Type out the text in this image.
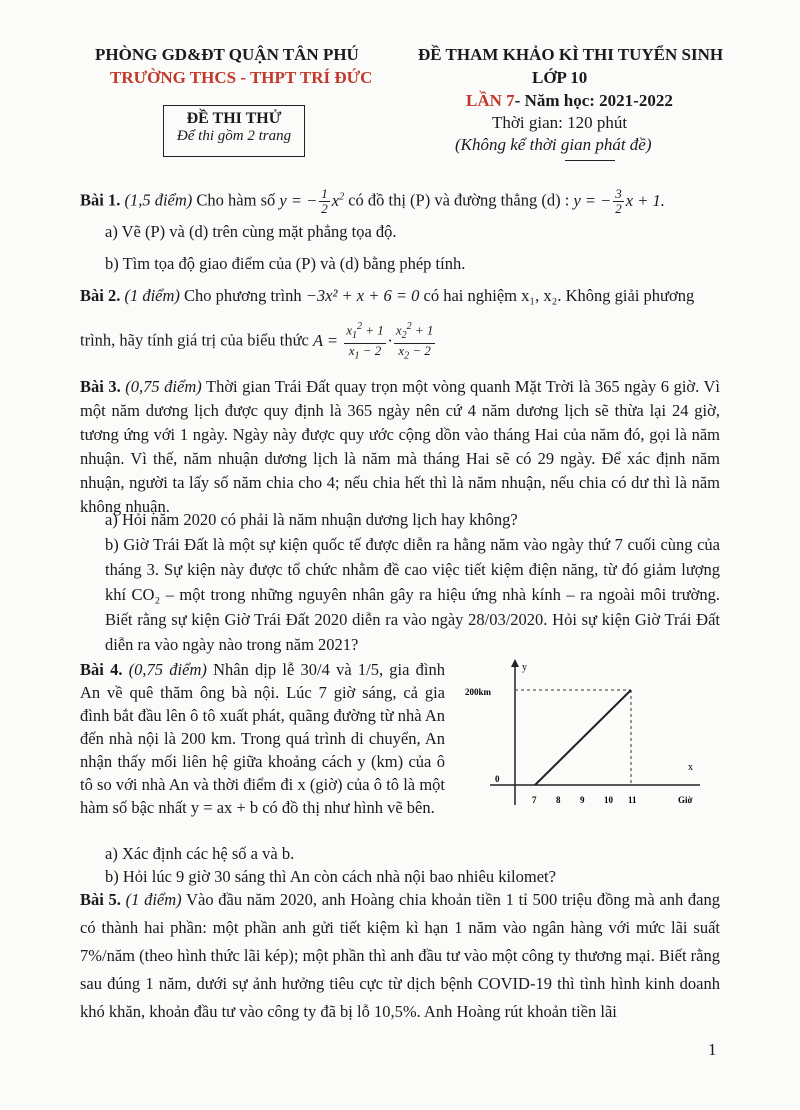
PHÒNG GD&ĐT QUẬN TÂN PHÚ
TRƯỜNG THCS - THPT TRÍ ĐỨC
ĐỀ THAM KHẢO KÌ THI TUYỂN SINH
LỚP 10
LẦN 7- Năm học: 2021-2022
Thời gian: 120 phút
(Không kể thời gian phát đề)
ĐỀ THI THỬ
Để thi gồm 2 trang
Bài 1. (1,5 điểm) Cho hàm số y = − $\frac{1}{2} x^2$ có đồ thị (P) và đường thẳng (d) : y = − $\frac{3}{2}$ x + 1.
a) Vẽ (P) và (d) trên cùng mặt phẳng tọa độ.
b) Tìm tọa độ giao điểm của (P) và (d) bằng phép tính.
Bài 2. (1 điểm) Cho phương trình −3x² + x + 6 = 0 có hai nghiệm x₁, x₂. Không giải phương
trình, hãy tính giá trị của biểu thức $A = \frac{x_1^2 + 1}{x_1 - 2} \cdot \frac{x_2^2 + 1}{x_2 - 2}$
Bài 3. (0,75 điểm) Thời gian Trái Đất quay trọn một vòng quanh Mặt Trời là 365 ngày 6 giờ. Vì một năm dương lịch được quy định là 365 ngày nên cứ 4 năm dương lịch sẽ thừa lại 24 giờ, tương ứng với 1 ngày. Ngày này được quy ước cộng dồn vào tháng Hai của năm đó, gọi là năm nhuận. Vì thế, năm nhuận dương lịch là năm mà tháng Hai sẽ có 29 ngày. Để xác định năm nhuận, người ta lấy số năm chia cho 4; nếu chia hết thì là năm nhuận, nếu chia có dư thì là năm không nhuận.
a) Hỏi năm 2020 có phải là năm nhuận dương lịch hay không?
b) Giờ Trái Đất là một sự kiện quốc tế được diễn ra hằng năm vào ngày thứ 7 cuối cùng của tháng 3. Sự kiện này được tổ chức nhằm đề cao việc tiết kiệm điện năng, từ đó giảm lượng khí CO₂ – một trong những nguyên nhân gây ra hiệu ứng nhà kính – ra ngoài môi trường. Biết rằng sự kiện Giờ Trái Đất 2020 diễn ra vào ngày 28/03/2020. Hỏi sự kiện Giờ Trái Đất diễn ra vào ngày nào trong năm 2021?
Bài 4. (0,75 điểm) Nhân dịp lễ 30/4 và 1/5, gia đình An về quê thăm ông bà nội. Lúc 7 giờ sáng, cả gia đình bắt đầu lên ô tô xuất phát, quãng đường từ nhà An đến nhà nội là 200 km. Trong quá trình di chuyển, An nhận thấy mối liên hệ giữa khoảng cách y (km) của ô tô so với nhà An và thời điểm đi x (giờ) của ô tô là một hàm số bậc nhất y = ax + b có đồ thị như hình vẽ bên.
y
x
200km
0
Giờ
7 8 9 10 11
a) Xác định các hệ số a và b.
b) Hỏi lúc 9 giờ 30 sáng thì An còn cách nhà nội bao nhiêu kilomet?
Bài 5. (1 điểm) Vào đầu năm 2020, anh Hoàng chia khoản tiền 1 tỉ 500 triệu đồng mà anh đang có thành hai phần: một phần anh gửi tiết kiệm kì hạn 1 năm vào ngân hàng với mức lãi suất 7%/năm (theo hình thức lãi kép); một phần thì anh đầu tư vào một công ty thương mại. Biết rằng sau đúng 1 năm, dưới sự ảnh hưởng tiêu cực từ dịch bệnh COVID-19 thì tình hình kinh doanh khó khăn, khoản đầu tư vào công ty đã bị lỗ 10,5%. Anh Hoàng rút khoản tiền lãi
1
